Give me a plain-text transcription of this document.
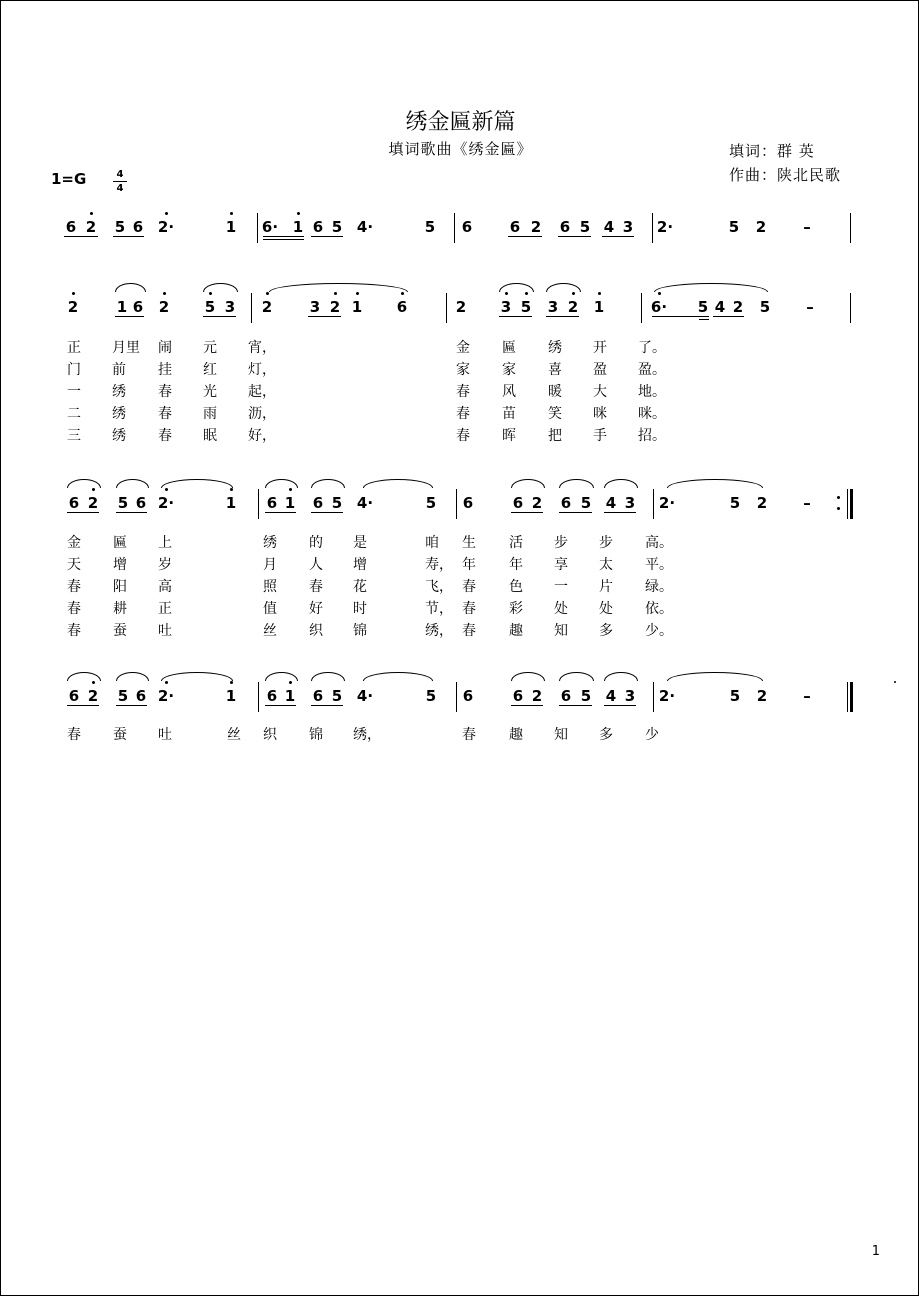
绣金匾新篇
填词歌曲《绣金匾》	填词：群 英
作曲：陕北民歌
1=G	4
4
6 2	5 6 2·	1	6· 1 6 5 4·	5	6	6 2	6 5 4 3	2·	5	2	–
2	1 6	2	5 3	2	3 2 1	6	2	3 5	3 2	1	6·	5 4 2	5	–
正 月里 闹 元 宵，	金 匾 绣 开 了。
门 前 挂 红 灯，	家 家 喜 盈 盈。
一 绣 春 光 起，	春 风 暖 大 地。
二 绣 春 雨 沥，	春 苗 笑 咪 咪。
三 绣 春 眠 好，	春 晖 把 手 招。
6 2	5 6 2·	1	6 1	6 5 4·	5	6	6 2	6 5 4 3	2·	5	2	–
金 匾 上	绣 的 是	咱 生 活 步 步 高。
天 增 岁	月 人 增	寿， 年 年 享 太 平。
春 阳 高	照 春 花	飞， 春 色 一 片 绿。
春 耕 正	值 好 时	节， 春 彩 处 处 依。
春 蚕 吐	丝 织 锦	绣， 春 趣 知 多 少。
6 2	5 6 2·	1	6 1	6 5 4·	5	6	6 2	6 5 4 3	2·	5	2	–
春 蚕 吐	丝 织 锦 绣，	春 趣 知 多 少
1
